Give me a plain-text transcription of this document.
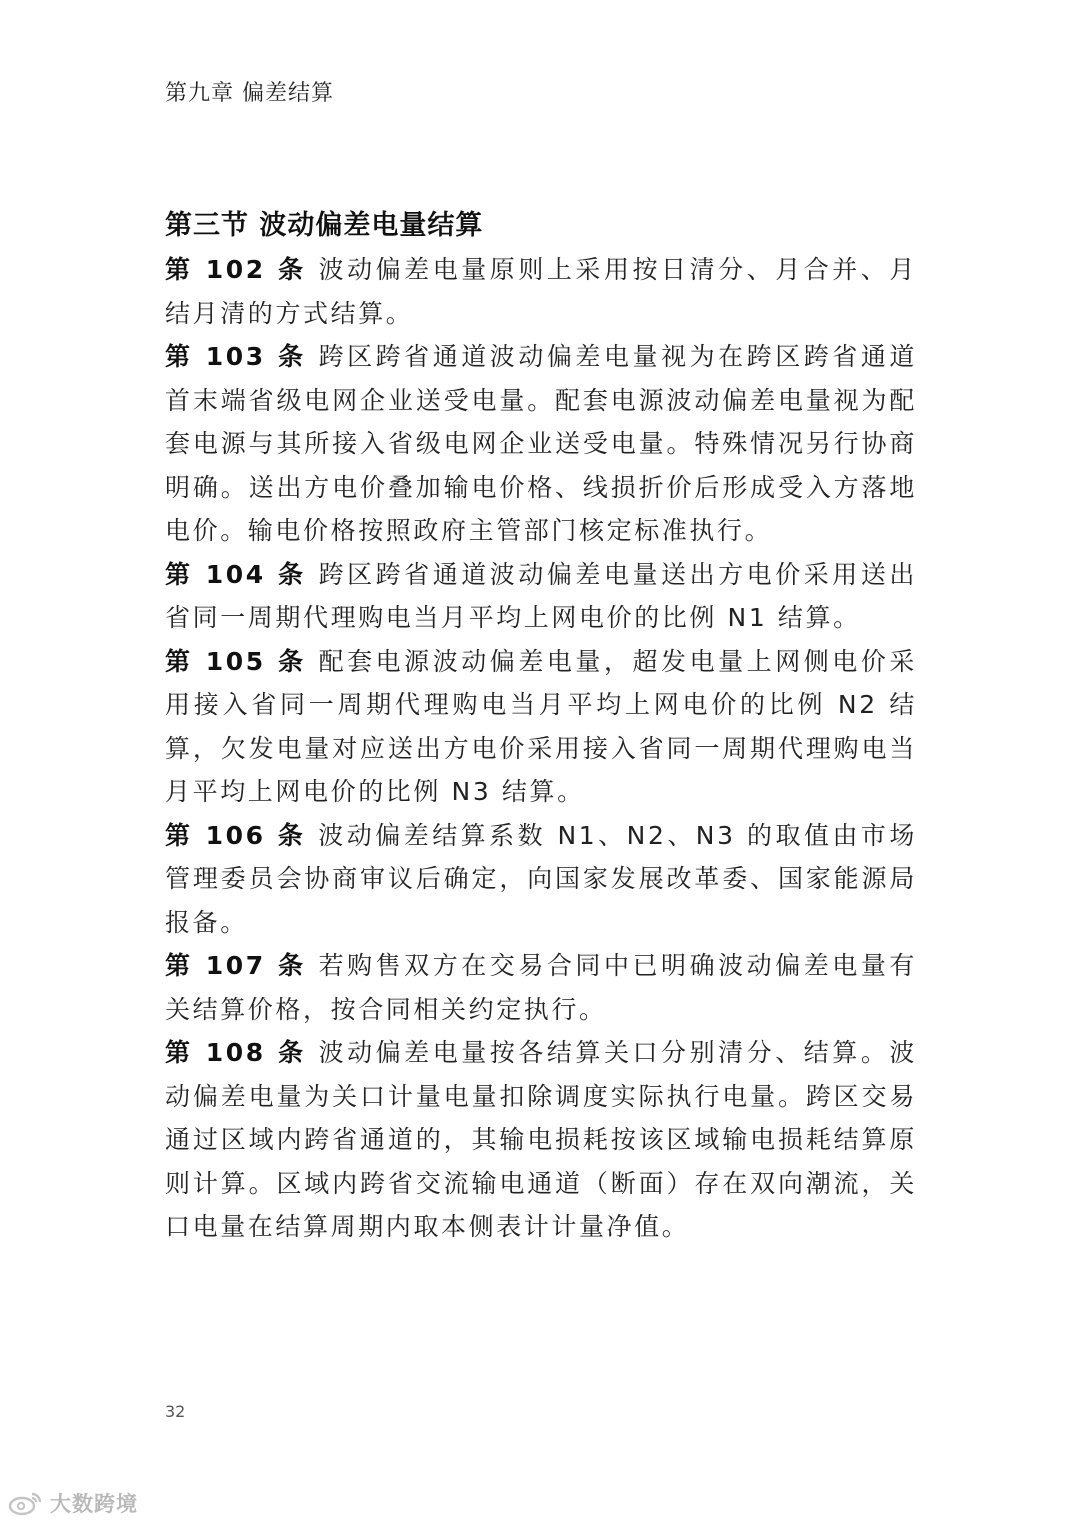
第九章 偏差结算
第三节 波动偏差电量结算

第 102 条 波动偏差电量原则上采用按日清分、月合并、月结月清的方式结算。

第 103 条 跨区跨省通道波动偏差电量视为在跨区跨省通道首末端省级电网企业送受电量。配套电源波动偏差电量视为配套电源与其所接入省级电网企业送受电量。特殊情况另行协商明确。送出方电价叠加输电价格、线损折价后形成受入方落地电价。输电价格按照政府主管部门核定标准执行。

第 104 条 跨区跨省通道波动偏差电量送出方电价采用送出省同一周期代理购电当月平均上网电价的比例 N1 结算。

第 105 条 配套电源波动偏差电量，超发电量上网侧电价采用接入省同一周期代理购电当月平均上网电价的比例 N2 结算，欠发电量对应送出方电价采用接入省同一周期代理购电当月平均上网电价的比例 N3 结算。

第 106 条 波动偏差结算系数 N1、N2、N3 的取值由市场管理委员会协商审议后确定，向国家发展改革委、国家能源局报备。

第 107 条 若购售双方在交易合同中已明确波动偏差电量有关结算价格，按合同相关约定执行。

第 108 条 波动偏差电量按各结算关口分别清分、结算。波动偏差电量为关口计量电量扣除调度实际执行电量。跨区交易通过区域内跨省通道的，其输电损耗按该区域输电损耗结算原则计算。区域内跨省交流输电通道（断面）存在双向潮流，关口电量在结算周期内取本侧表计计量净值。

32
大数跨境
